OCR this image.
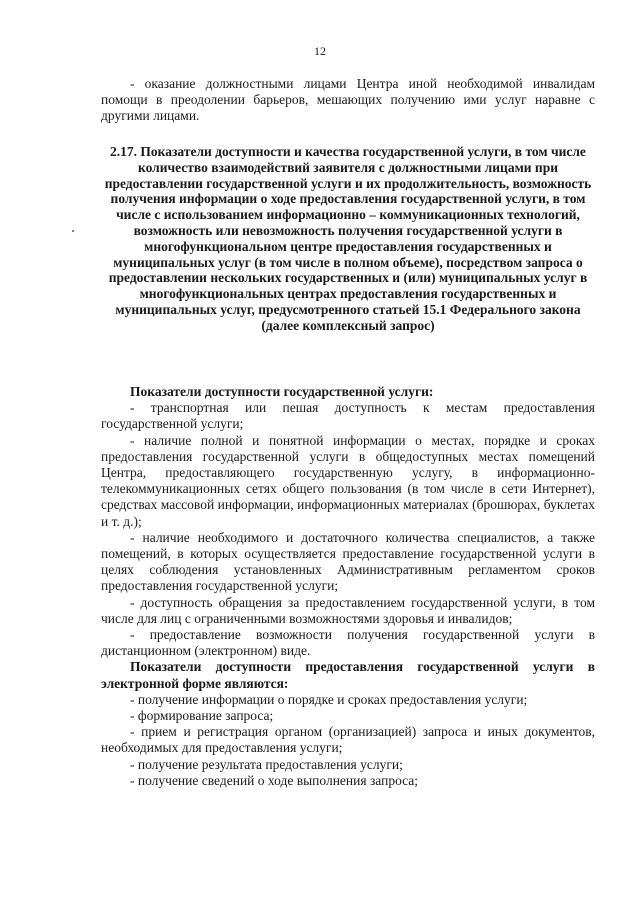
12

- оказание должностными лицами Центра иной необходимой инвалидам помощи в преодолении барьеров, мешающих получению ими услуг наравне с другими лицами.

2.17. Показатели доступности и качества государственной услуги, в том числе количество взаимодействий заявителя с должностными лицами при предоставлении государственной услуги и их продолжительность, возможность получения информации о ходе предоставления государственной услуги, в том числе с использованием информационно – коммуникационных технологий, возможность или невозможность получения государственной услуги в многофункциональном центре предоставления государственных и муниципальных услуг (в том числе в полном объеме), посредством запроса о предоставлении нескольких государственных и (или) муниципальных услуг в многофункциональных центрах предоставления государственных и муниципальных услуг, предусмотренного статьей 15.1 Федерального закона (далее комплексный запрос)

Показатели доступности государственной услуги:

- транспортная или пешая доступность к местам предоставления государственной услуги;

- наличие полной и понятной информации о местах, порядке и сроках предоставления государственной услуги в общедоступных местах помещений Центра, предоставляющего государственную услугу, в информационно-телекоммуникационных сетях общего пользования (в том числе в сети Интернет), средствах массовой информации, информационных материалах (брошюрах, буклетах и т. д.);

- наличие необходимого и достаточного количества специалистов, а также помещений, в которых осуществляется предоставление государственной услуги в целях соблюдения установленных Административным регламентом сроков предоставления государственной услуги;

- доступность обращения за предоставлением государственной услуги, в том числе для лиц с ограниченными возможностями здоровья и инвалидов;

- предоставление возможности получения государственной услуги в дистанционном (электронном) виде.

Показатели доступности предоставления государственной услуги в электронной форме являются:

- получение информации о порядке и сроках предоставления услуги;

- формирование запроса;

- прием и регистрация органом (организацией) запроса и иных документов, необходимых для предоставления услуги;

- получение результата предоставления услуги;

- получение сведений о ходе выполнения запроса;
